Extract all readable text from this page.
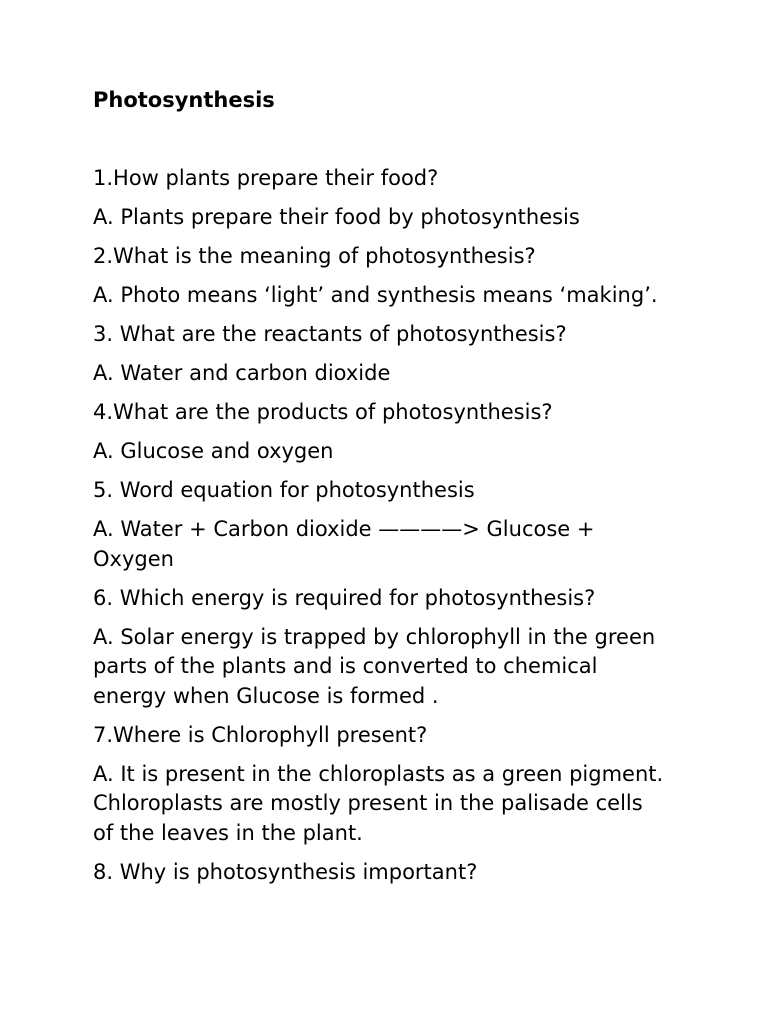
Photosynthesis

1.How plants prepare their food?

A. Plants prepare their food by photosynthesis

2.What is the meaning of photosynthesis?

A. Photo means ‘light’ and synthesis means ‘making’.

3. What are the reactants of photosynthesis?

A. Water and carbon dioxide

4.What are the products of photosynthesis?

A. Glucose and oxygen

5. Word equation for photosynthesis

A. Water + Carbon dioxide ————> Glucose + Oxygen

6. Which energy is required for photosynthesis?

A. Solar energy is trapped by chlorophyll in the green parts of the plants and is converted to chemical energy when Glucose is formed .

7.Where is Chlorophyll present?

A. It is present in the chloroplasts as a green pigment. Chloroplasts are mostly present in the palisade cells of the leaves in the plant.

8. Why is photosynthesis important?
